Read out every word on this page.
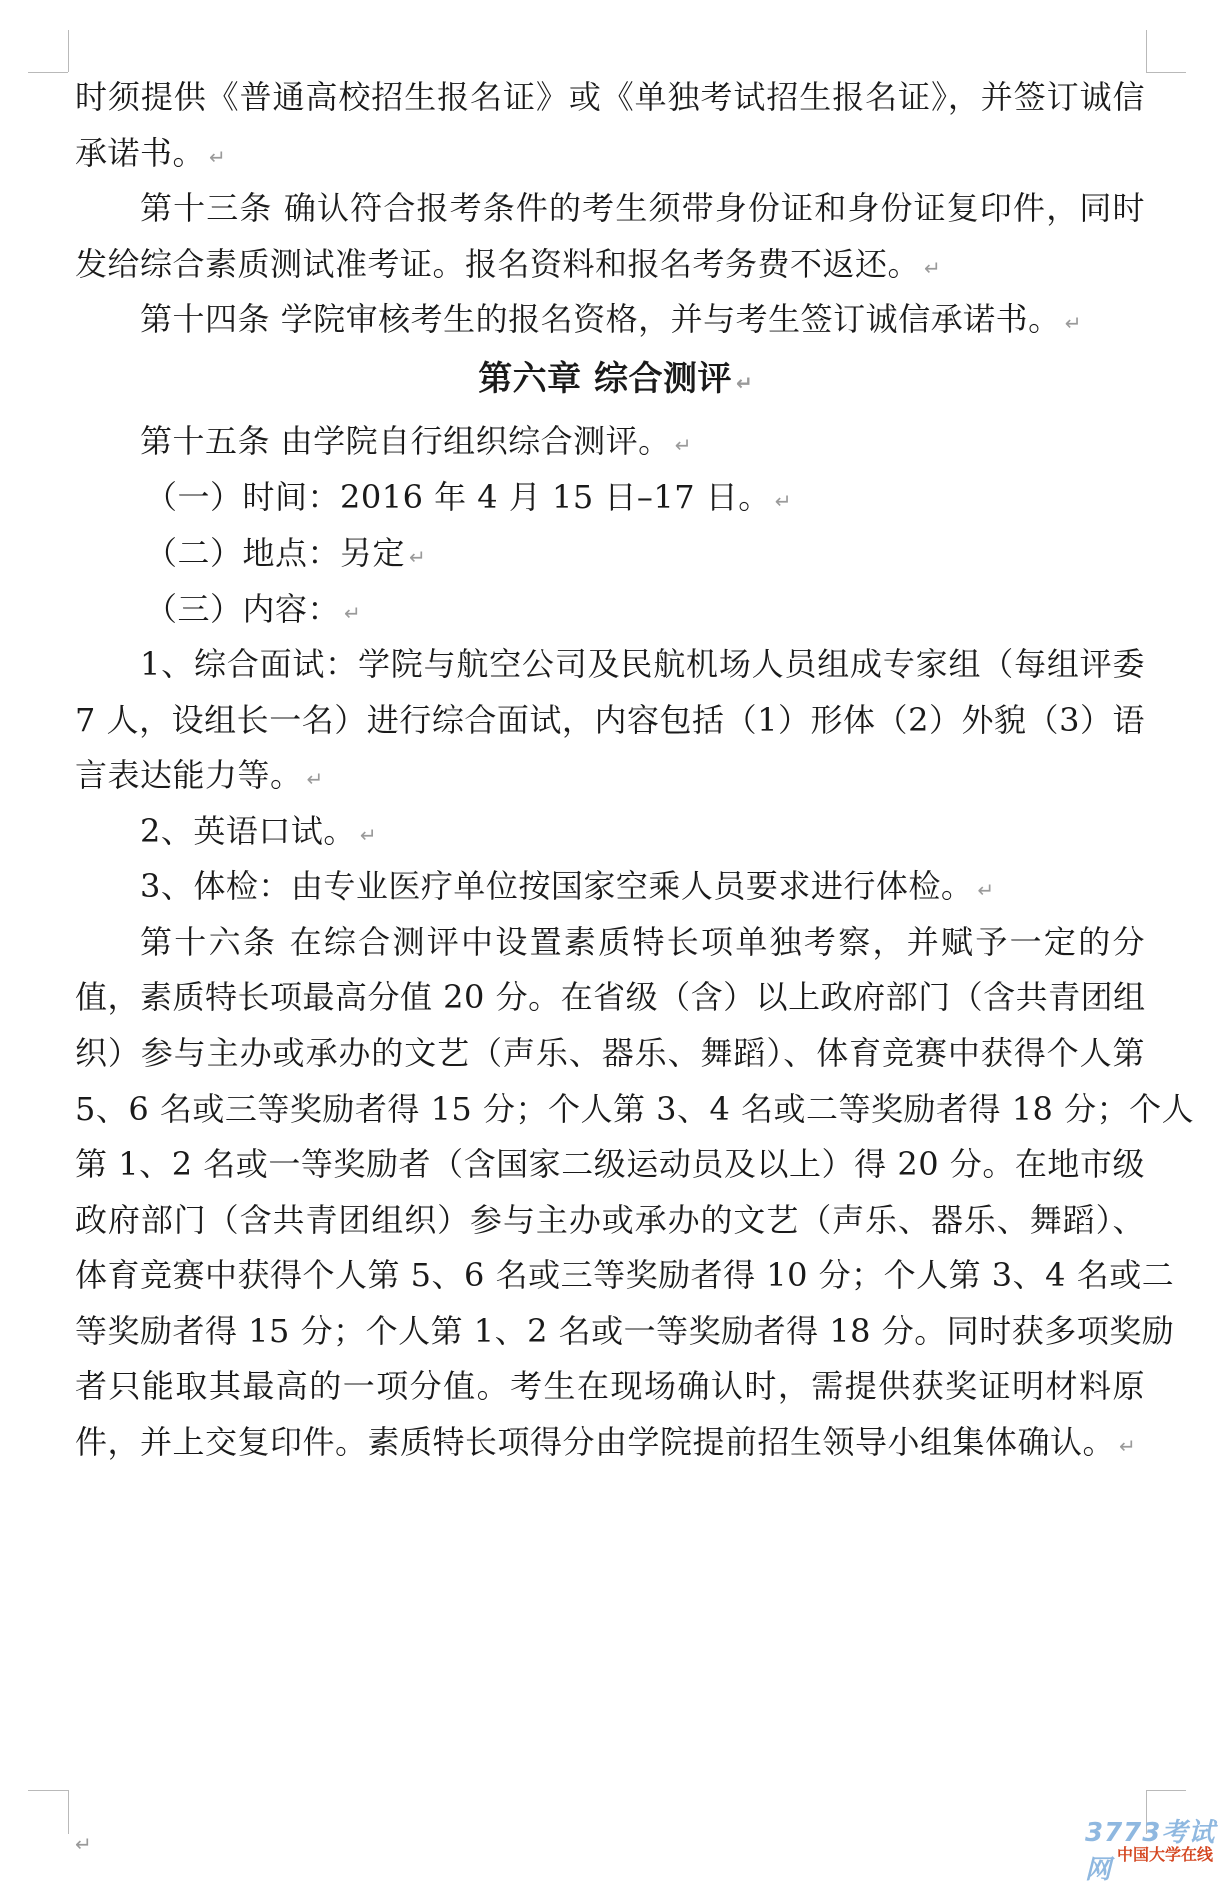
时须提供《普通高校招生报名证》或《单独考试招生报名证》，并签订诚信
承诺书。 ↵
第十三条 确认符合报考条件的考生须带身份证和身份证复印件，同时
发给综合素质测试准考证。报名资料和报名考务费不返还。 ↵
第十四条 学院审核考生的报名资格，并与考生签订诚信承诺书。 ↵
第六章 综合测评 ↵
第十五条 由学院自行组织综合测评。 ↵
（一）时间：2016 年 4 月 15 日–17 日。 ↵
（二）地点：另定 ↵
（三）内容： ↵
1、综合面试：学院与航空公司及民航机场人员组成专家组（每组评委
7 人，设组长一名）进行综合面试，内容包括（1）形体（2）外貌（3）语
言表达能力等。 ↵
2、英语口试。 ↵
3、体检：由专业医疗单位按国家空乘人员要求进行体检。 ↵
第十六条 在综合测评中设置素质特长项单独考察，并赋予一定的分
值，素质特长项最高分值 20 分。在省级（含）以上政府部门（含共青团组
织）参与主办或承办的文艺（声乐、器乐、舞蹈）、体育竞赛中获得个人第
5、6 名或三等奖励者得 15 分；个人第 3、4 名或二等奖励者得 18 分；个人
第 1、2 名或一等奖励者（含国家二级运动员及以上）得 20 分。在地市级
政府部门（含共青团组织）参与主办或承办的文艺（声乐、器乐、舞蹈）、
体育竞赛中获得个人第 5、6 名或三等奖励者得 10 分；个人第 3、4 名或二
等奖励者得 15 分；个人第 1、2 名或一等奖励者得 18 分。同时获多项奖励
者只能取其最高的一项分值。考生在现场确认时，需提供获奖证明材料原
件，并上交复印件。素质特长项得分由学院提前招生领导小组集体确认。 ↵
↵	3773考试网
中国大学在线
